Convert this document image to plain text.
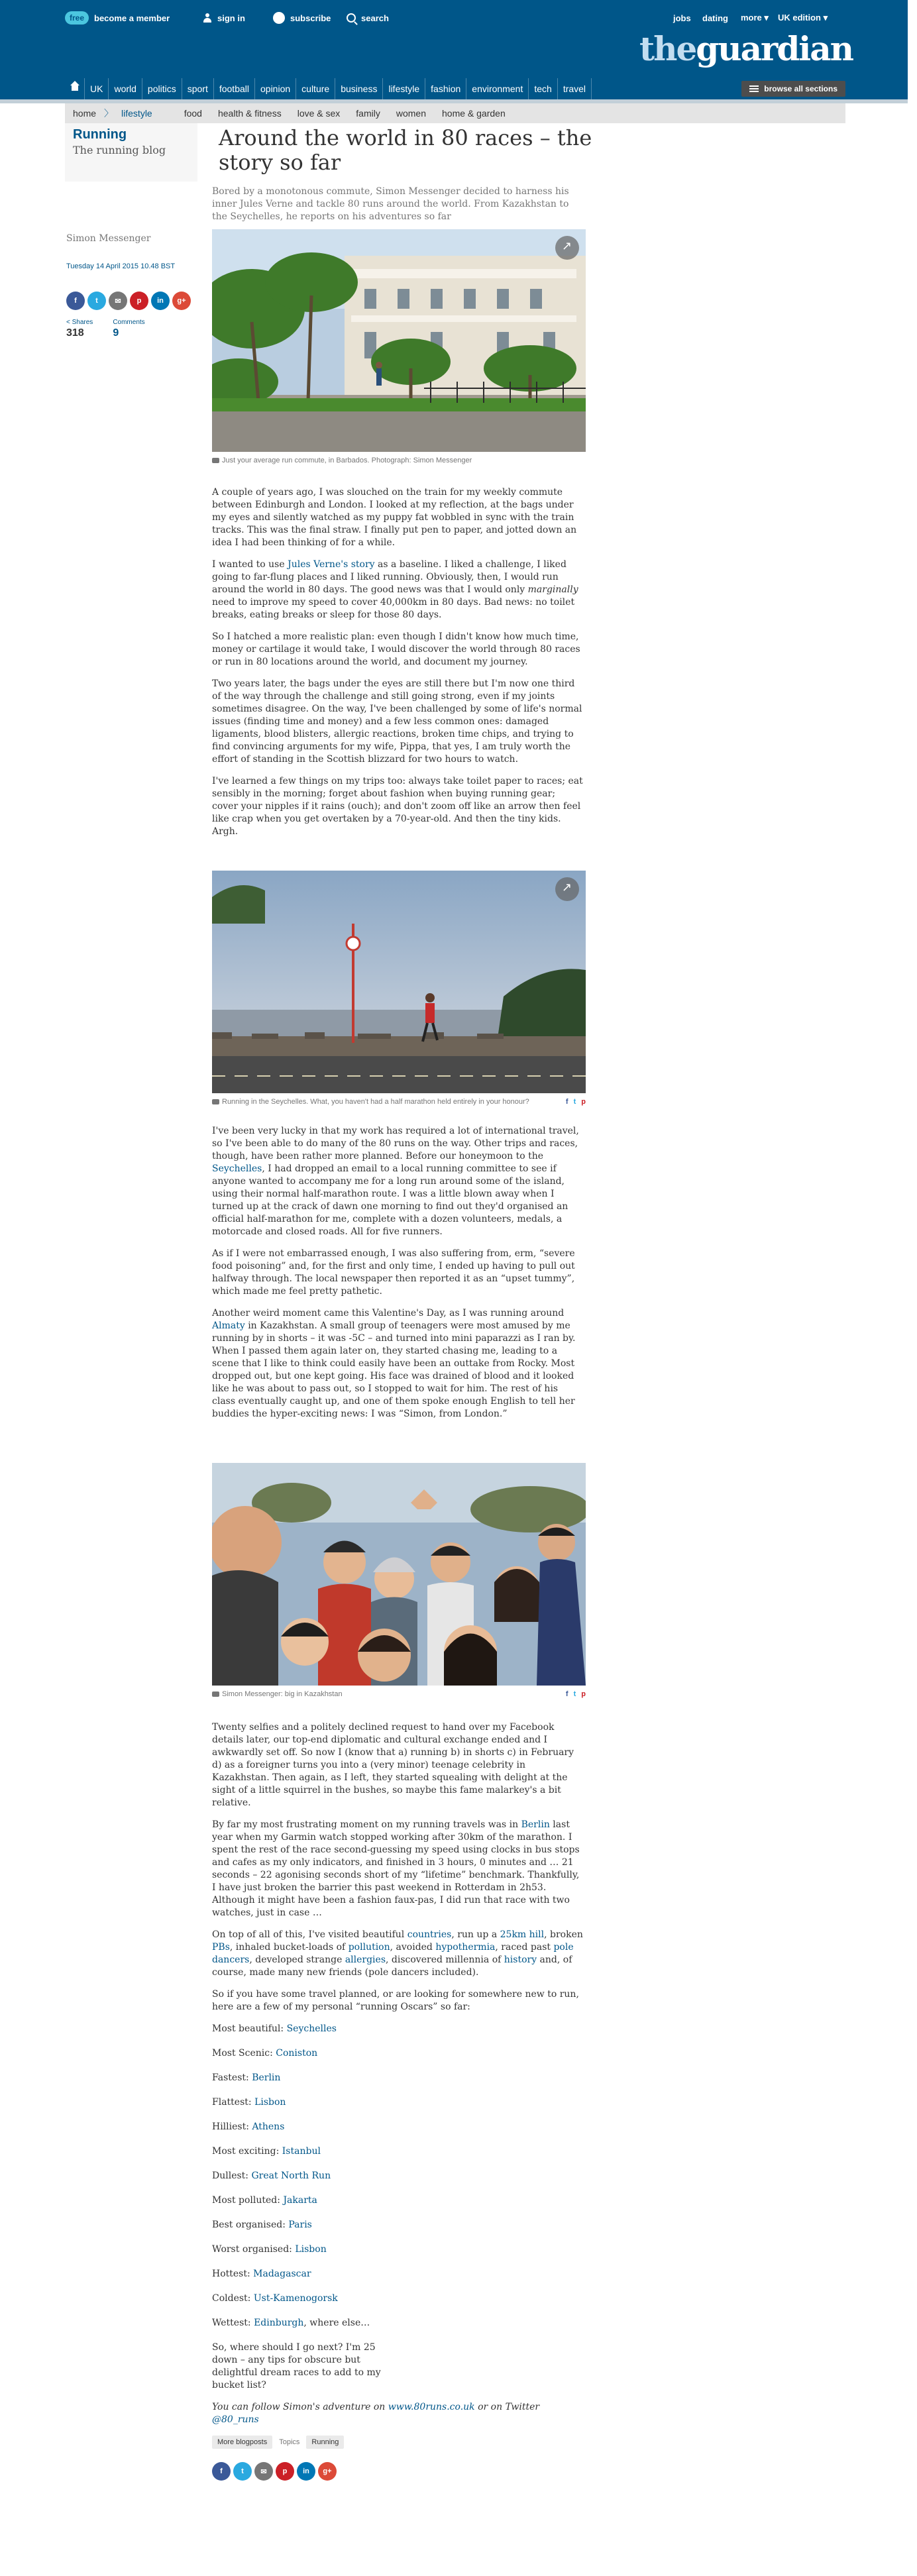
free	become a member	sign in	subscribe	search	jobs dating more ▾ UK edition ▾
theguardian
UK	world	politics	sport	football	opinion	culture	business	lifestyle	fashion	environment	tech	travel	browse all sections
home 〉 lifestyle	food	health & fitness	love & sex	family	women	home & garden
Running
The running blog
Simon Messenger
Tuesday 14 April 2015 10.48 BST
f	t	✉	p	in	g+
< Shares
318
Comments
9
Around the world in 80 races – the story so far
Bored by a monotonous commute, Simon Messenger decided to harness his inner Jules Verne and tackle 80 runs around the world. From Kazakhstan to the Seychelles, he reports on his adventures so far
↗
Just your average run commute, in Barbados. Photograph: Simon Messenger

A couple of years ago, I was slouched on the train for my weekly commute between Edinburgh and London. I looked at my reflection, at the bags under my eyes and silently watched as my puppy fat wobbled in sync with the train tracks. This was the final straw. I finally put pen to paper, and jotted down an idea I had been thinking of for a while.

I wanted to use Jules Verne's story as a baseline. I liked a challenge, I liked going to far-flung places and I liked running. Obviously, then, I would run around the world in 80 days. The good news was that I would only marginally need to improve my speed to cover 40,000km in 80 days. Bad news: no toilet breaks, eating breaks or sleep for those 80 days.

So I hatched a more realistic plan: even though I didn't know how much time, money or cartilage it would take, I would discover the world through 80 races or run in 80 locations around the world, and document my journey.

Two years later, the bags under the eyes are still there but I'm now one third of the way through the challenge and still going strong, even if my joints sometimes disagree. On the way, I've been challenged by some of life's normal issues (finding time and money) and a few less common ones: damaged ligaments, blood blisters, allergic reactions, broken time chips, and trying to find convincing arguments for my wife, Pippa, that yes, I am truly worth the effort of standing in the Scottish blizzard for two hours to watch.

I've learned a few things on my trips too: always take toilet paper to races; eat sensibly in the morning; forget about fashion when buying running gear; cover your nipples if it rains (ouch); and don't zoom off like an arrow then feel like crap when you get overtaken by a 70-year-old. And then the tiny kids. Argh.

↗
Running in the Seychelles. What, you haven't had a half marathon held entirely in your honour?	f t p

I've been very lucky in that my work has required a lot of international travel, so I've been able to do many of the 80 runs on the way. Other trips and races, though, have been rather more planned. Before our honeymoon to the Seychelles, I had dropped an email to a local running committee to see if anyone wanted to accompany me for a long run around some of the island, using their normal half-marathon route. I was a little blown away when I turned up at the crack of dawn one morning to find out they'd organised an official half-marathon for me, complete with a dozen volunteers, medals, a motorcade and closed roads. All for five runners.

As if I were not embarrassed enough, I was also suffering from, erm, “severe food poisoning” and, for the first and only time, I ended up having to pull out halfway through. The local newspaper then reported it as an “upset tummy”, which made me feel pretty pathetic.

Another weird moment came this Valentine's Day, as I was running around Almaty in Kazakhstan. A small group of teenagers were most amused by me running by in shorts – it was -5C – and turned into mini paparazzi as I ran by. When I passed them again later on, they started chasing me, leading to a scene that I like to think could easily have been an outtake from Rocky. Most dropped out, but one kept going. His face was drained of blood and it looked like he was about to pass out, so I stopped to wait for him. The rest of his class eventually caught up, and one of them spoke enough English to tell her buddies the hyper-exciting news: I was “Simon, from London.”

Simon Messenger: big in Kazakhstan	f t p

Twenty selfies and a politely declined request to hand over my Facebook details later, our top-end diplomatic and cultural exchange ended and I awkwardly set off. So now I (know that a) running b) in shorts c) in February d) as a foreigner turns you into a (very minor) teenage celebrity in Kazakhstan. Then again, as I left, they started squealing with delight at the sight of a little squirrel in the bushes, so maybe this fame malarkey's a bit relative.

By far my most frustrating moment on my running travels was in Berlin last year when my Garmin watch stopped working after 30km of the marathon. I spent the rest of the race second-guessing my speed using clocks in bus stops and cafes as my only indicators, and finished in 3 hours, 0 minutes and … 21 seconds – 22 agonising seconds short of my “lifetime” benchmark. Thankfully, I have just broken the barrier this past weekend in Rotterdam in 2h53. Although it might have been a fashion faux-pas, I did run that race with two watches, just in case …

On top of all of this, I've visited beautiful countries, run up a 25km hill, broken PBs, inhaled bucket-loads of pollution, avoided hypothermia, raced past pole dancers, developed strange allergies, discovered millennia of history and, of course, made many new friends (pole dancers included).

So if you have some travel planned, or are looking for somewhere new to run, here are a few of my personal “running Oscars” so far:

Most beautiful: Seychelles

Most Scenic: Coniston

Fastest: Berlin

Flattest: Lisbon

Hilliest: Athens

Most exciting: Istanbul

Dullest: Great North Run

Most polluted: Jakarta

Best organised: Paris

Worst organised: Lisbon

Hottest: Madagascar

Coldest: Ust-Kamenogorsk

Wettest: Edinburgh, where else…

So, where should I go next? I'm 25 down – any tips for obscure but delightful dream races to add to my bucket list?

You can follow Simon's adventure on www.80runs.co.uk or on Twitter @80_runs

More blogposts	Topics	Running
f	t	✉	p	in	g+
